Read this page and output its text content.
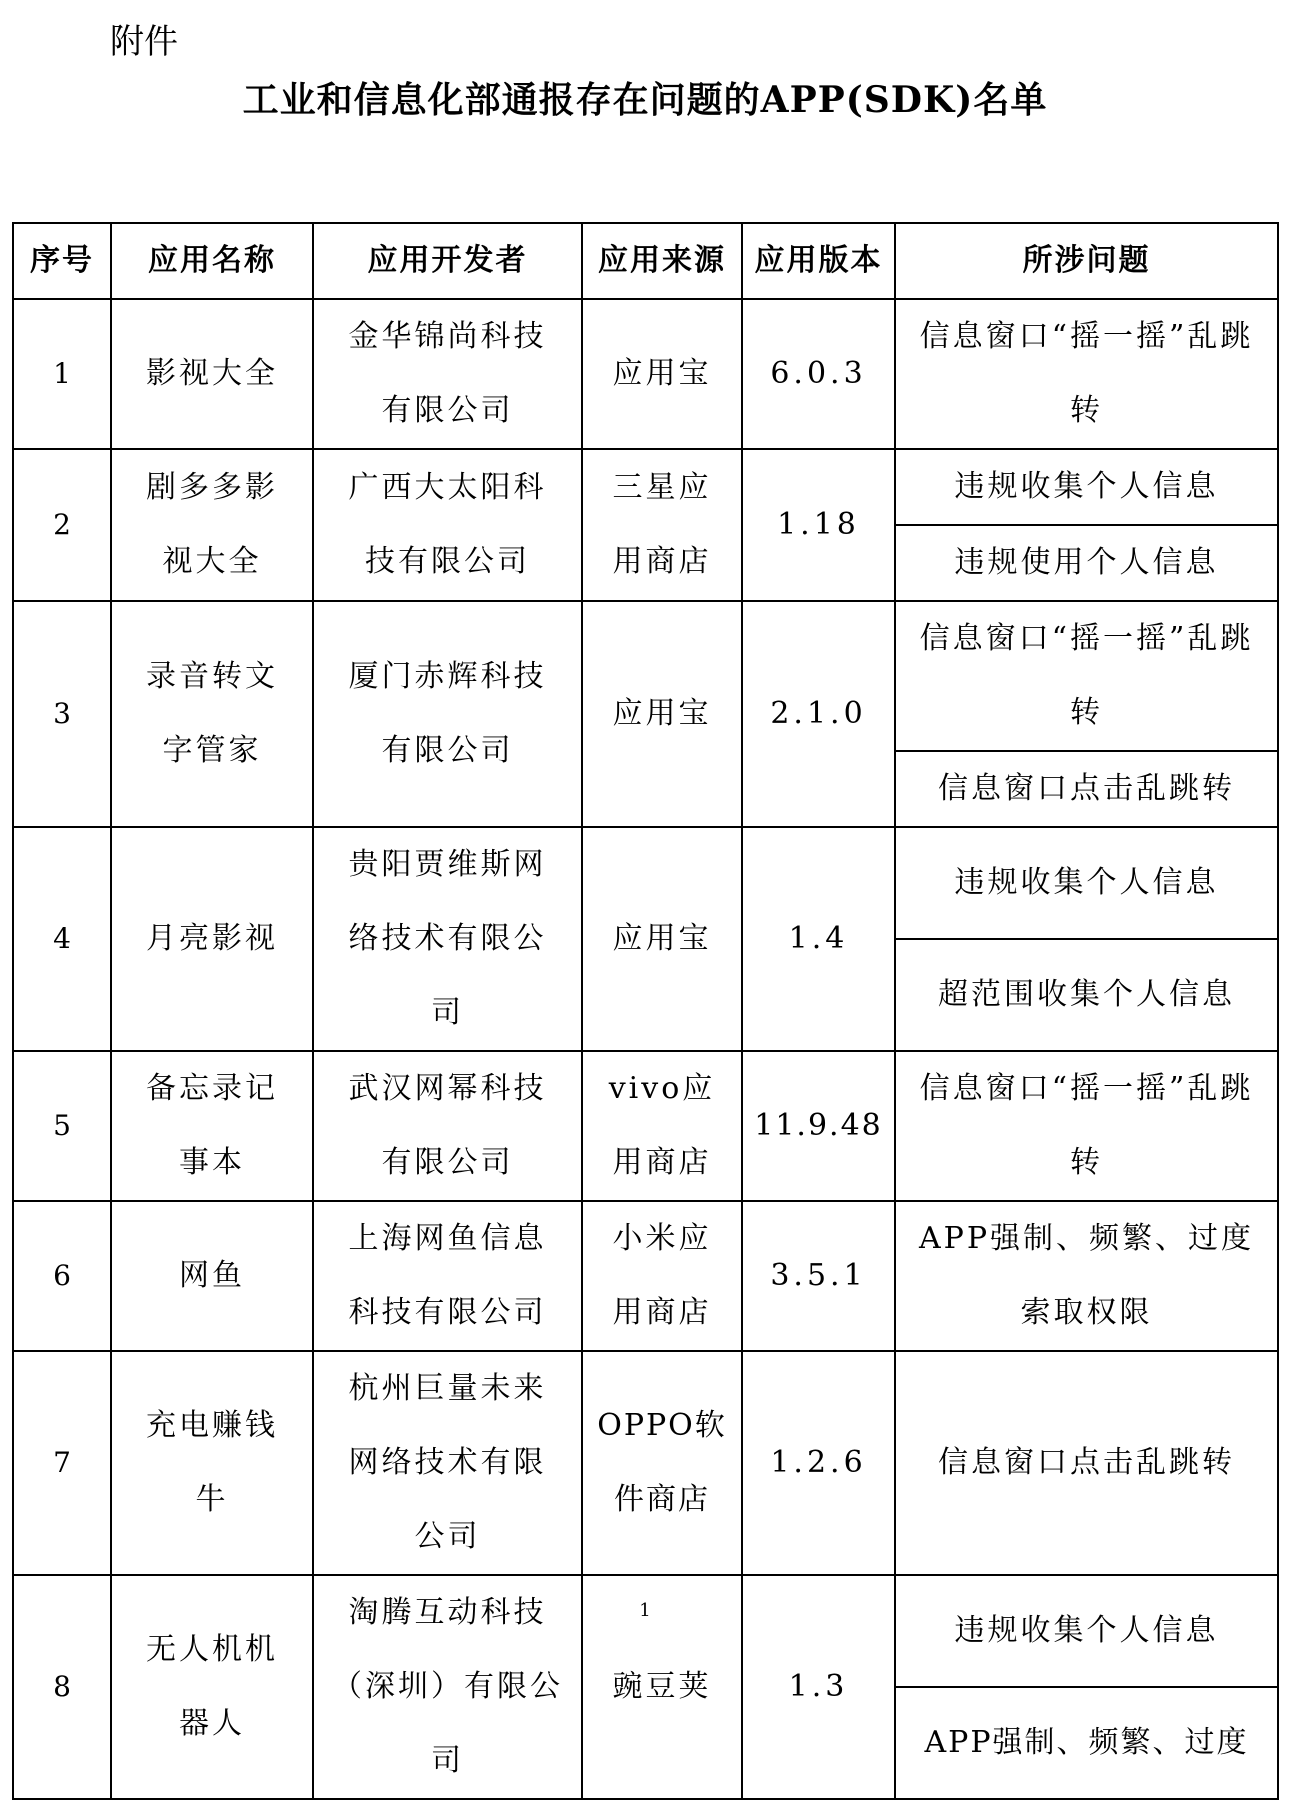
附件
工业和信息化部通报存在问题的APP(SDK)名单
序号	应用名称	应用开发者	应用来源	应用版本	所涉问题
1	影视大全	金华锦尚科技有限公司	应用宝	6.0.3	信息窗口“摇一摇”乱跳转
2	剧多多影视大全	广西大太阳科技有限公司	三星应用商店	1.18	违规收集个人信息
					违规使用个人信息
3	录音转文字管家	厦门赤辉科技有限公司	应用宝	2.1.0	信息窗口“摇一摇”乱跳转
					信息窗口点击乱跳转
4	月亮影视	贵阳贾维斯网络技术有限公司	应用宝	1.4	违规收集个人信息
					超范围收集个人信息
5	备忘录记事本	武汉网幂科技有限公司	vivo应用商店	11.9.48	信息窗口“摇一摇”乱跳转
6	网鱼	上海网鱼信息科技有限公司	小米应用商店	3.5.1	APP强制、频繁、过度索取权限
7	充电赚钱牛	杭州巨量未来网络技术有限公司	OPPO软件商店	1.2.6	信息窗口点击乱跳转
8	无人机机器人	淘腾互动科技（深圳）有限公司	豌豆荚	1.3	违规收集个人信息
					APP强制、频繁、过度
1
